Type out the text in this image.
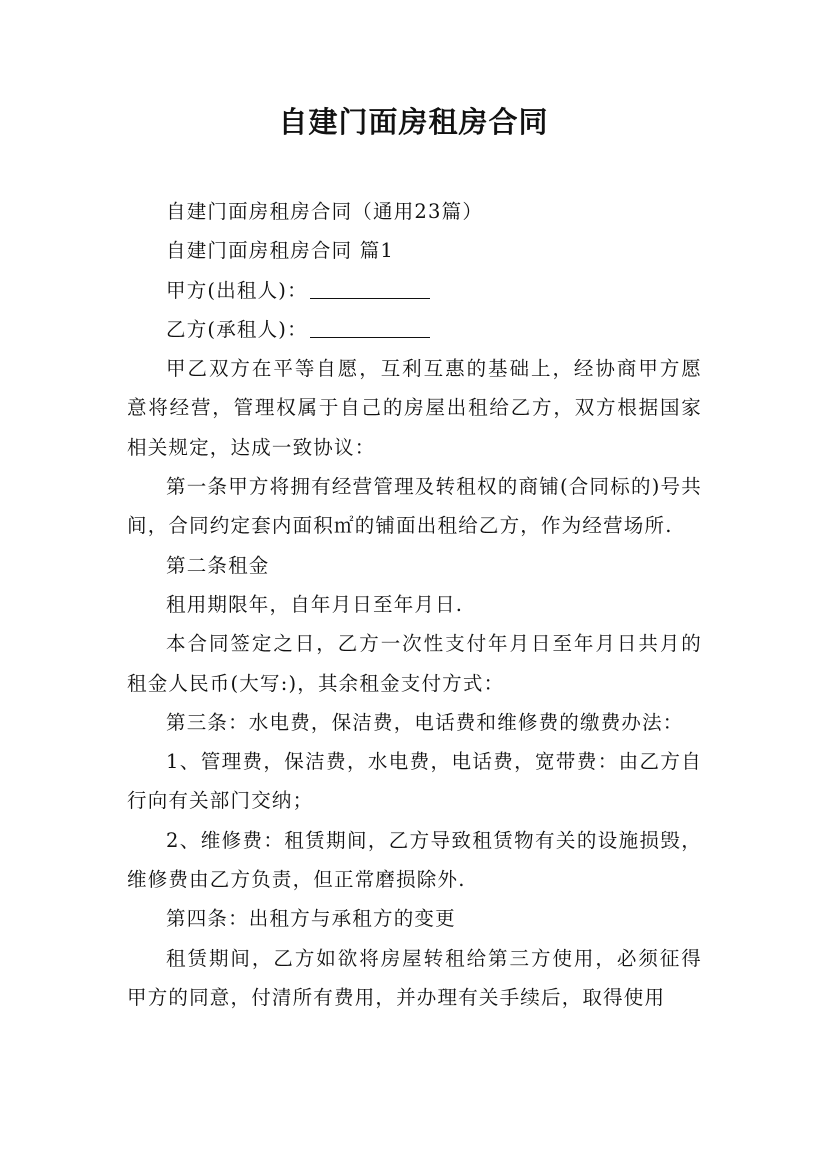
自建门面房租房合同

自建门面房租房合同（通用23篇）

自建门面房租房合同 篇1

甲方(出租人)：

乙方(承租人)：

甲乙双方在平等自愿，互利互惠的基础上，经协商甲方愿意将经营，管理权属于自己的房屋出租给乙方，双方根据国家相关规定，达成一致协议：

第一条甲方将拥有经营管理及转租权的商铺(合同标的)号共间，合同约定套内面积㎡的铺面出租给乙方，作为经营场所.

第二条租金

租用期限年，自年月日至年月日.

本合同签定之日，乙方一次性支付年月日至年月日共月的租金人民币(大写:)，其余租金支付方式：

第三条：水电费，保洁费，电话费和维修费的缴费办法：

1、管理费，保洁费，水电费，电话费，宽带费：由乙方自行向有关部门交纳；

2、维修费：租赁期间，乙方导致租赁物有关的设施损毁，维修费由乙方负责，但正常磨损除外.

第四条：出租方与承租方的变更

租赁期间，乙方如欲将房屋转租给第三方使用，必须征得甲方的同意，付清所有费用，并办理有关手续后，取得使用
